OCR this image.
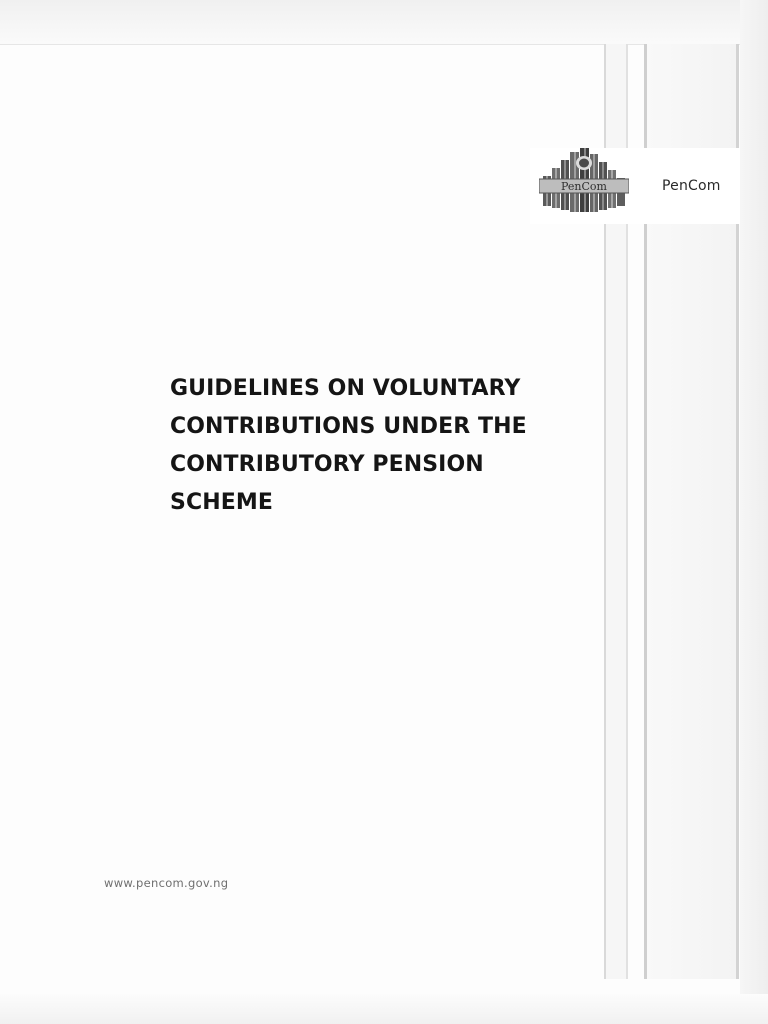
PenCom	PenCom
GUIDELINES ON VOLUNTARY
CONTRIBUTIONS UNDER THE
CONTRIBUTORY PENSION
SCHEME
www.pencom.gov.ng
